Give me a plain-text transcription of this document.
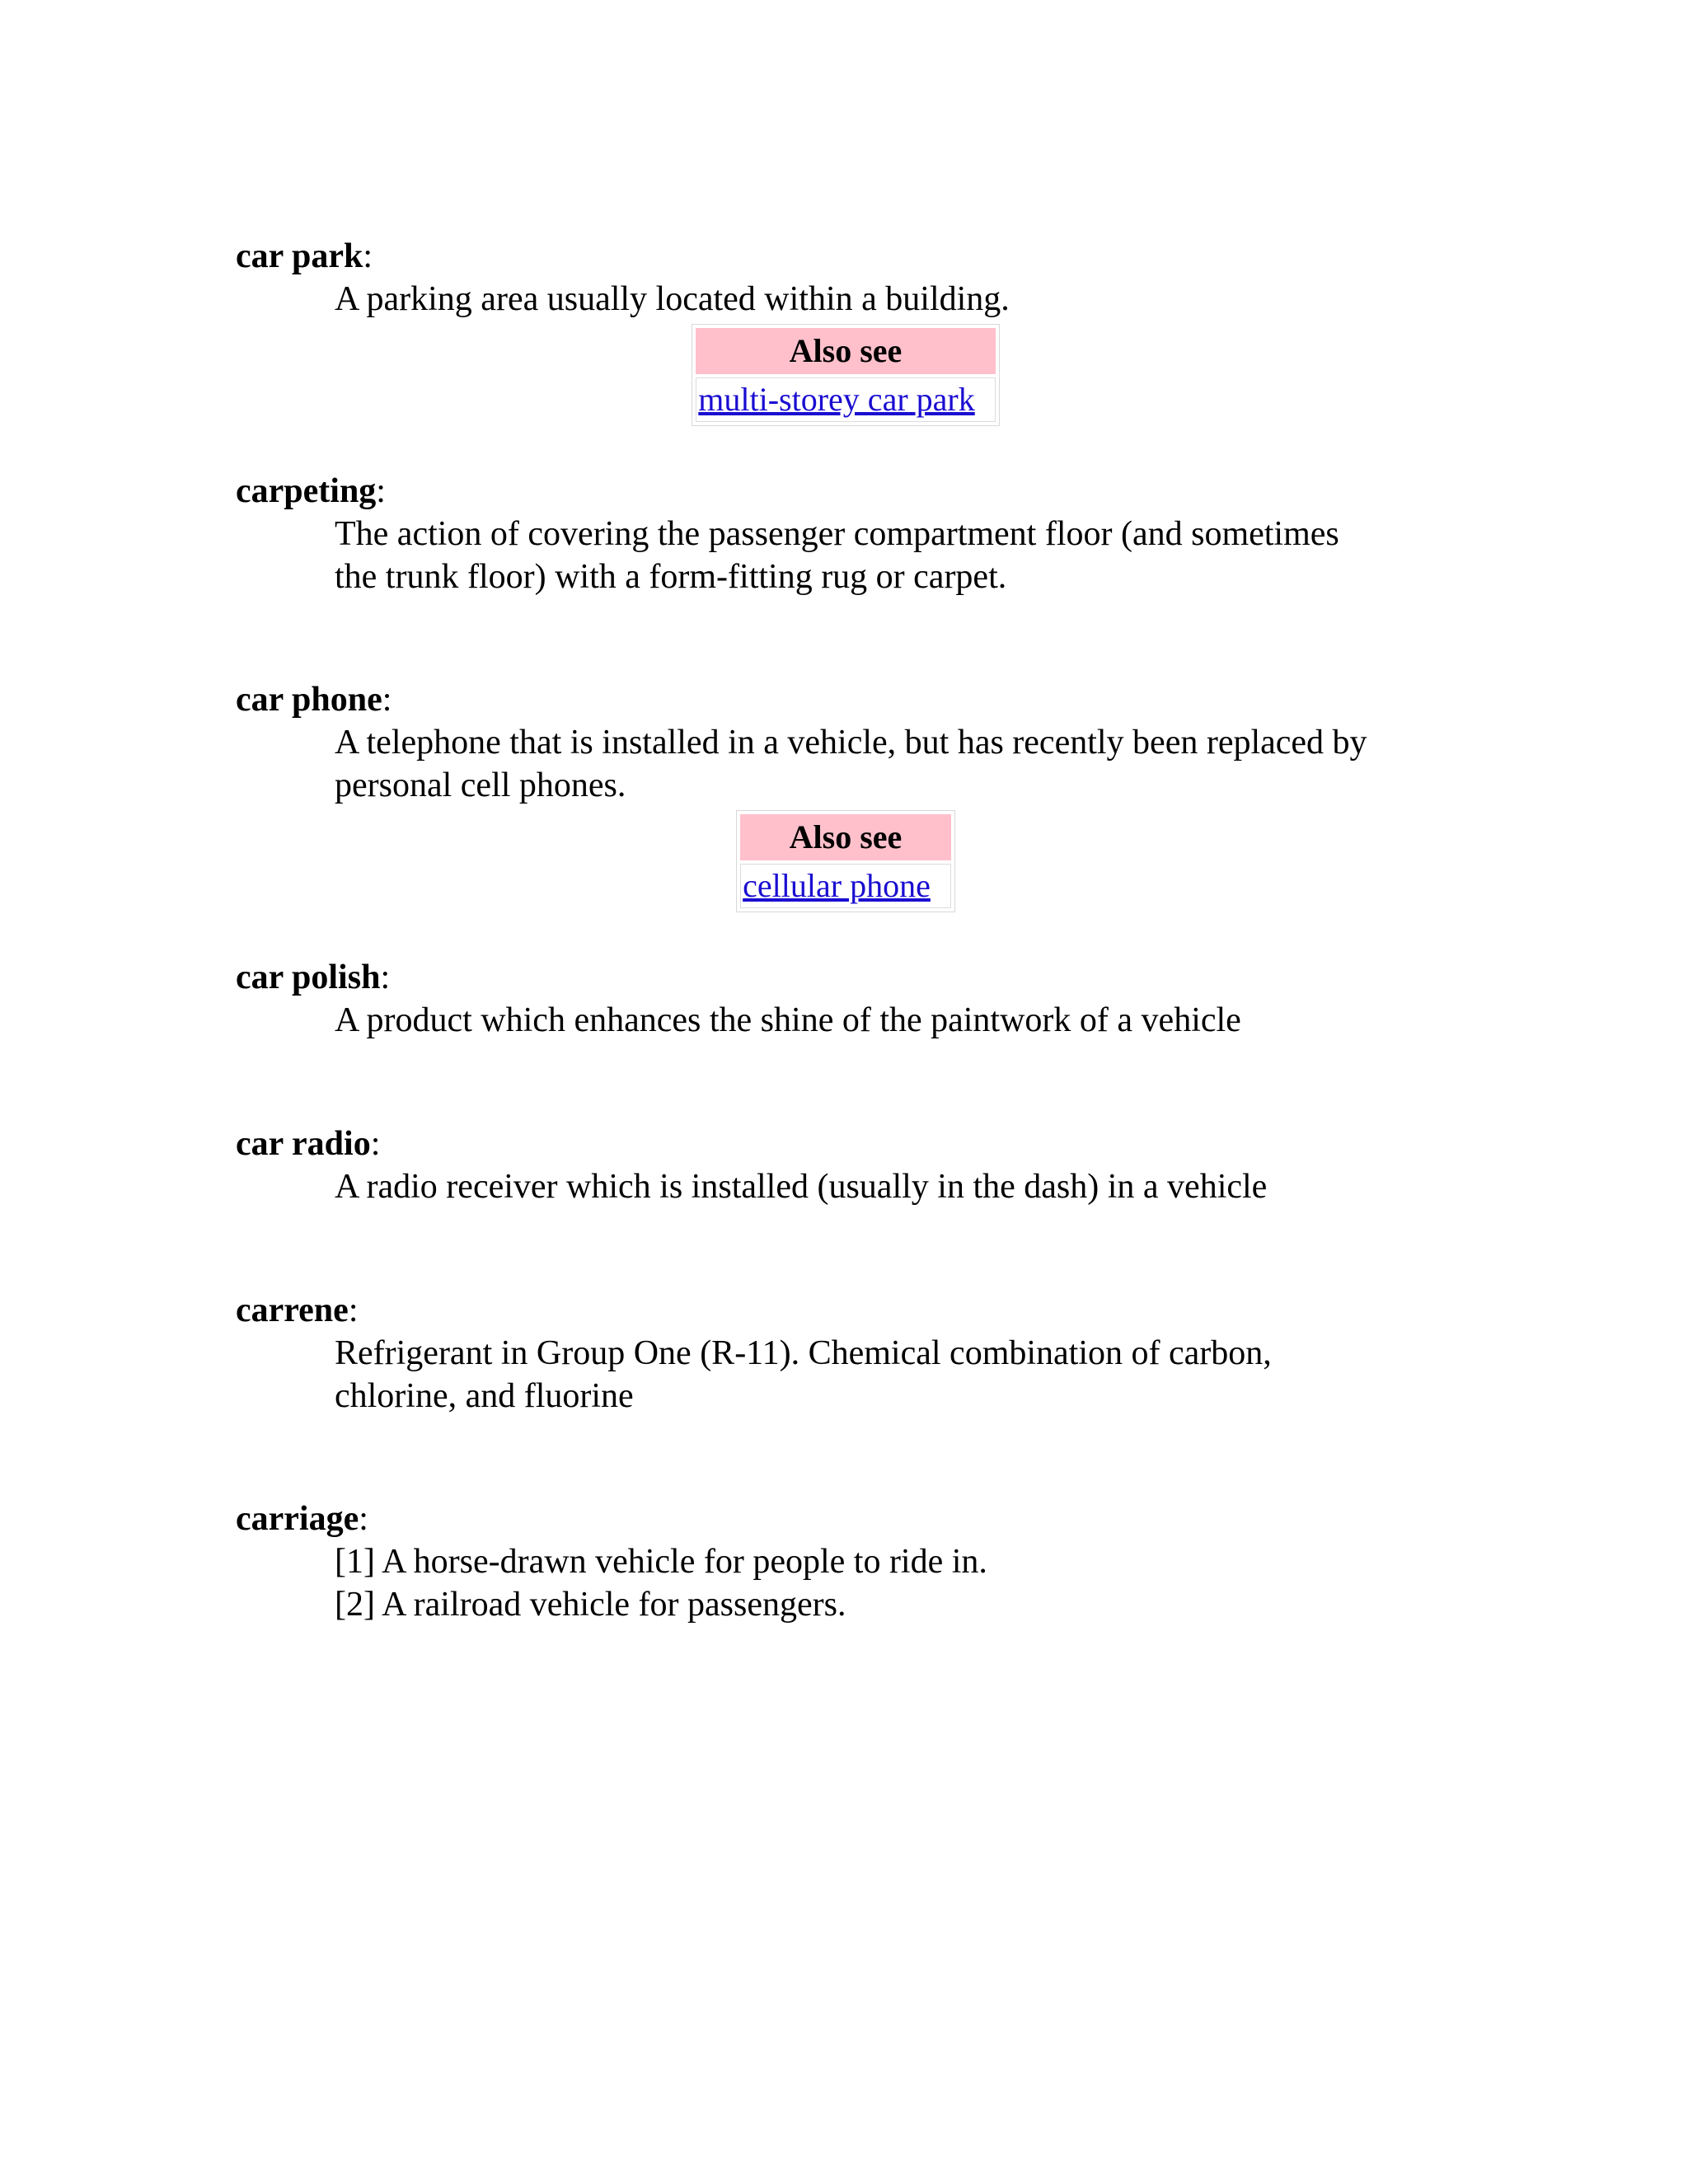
car park:
A parking area usually located within a building.
Also see
multi-storey car park
carpeting:
The action of covering the passenger compartment floor (and sometimes
the trunk floor) with a form-fitting rug or carpet.
car phone:
A telephone that is installed in a vehicle, but has recently been replaced by
personal cell phones.
Also see
cellular phone
car polish:
A product which enhances the shine of the paintwork of a vehicle
car radio:
A radio receiver which is installed (usually in the dash) in a vehicle
carrene:
Refrigerant in Group One (R-11). Chemical combination of carbon,
chlorine, and fluorine
carriage:
[1] A horse-drawn vehicle for people to ride in.
[2] A railroad vehicle for passengers.
